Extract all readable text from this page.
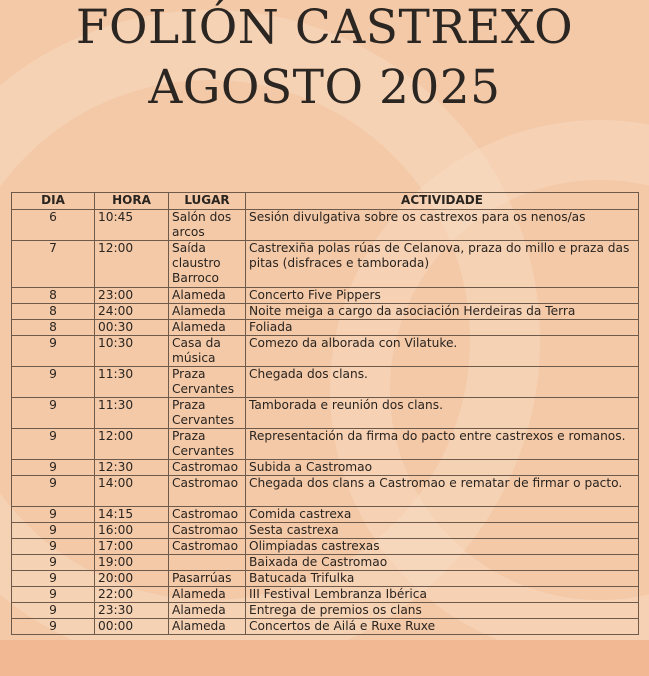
FOLIÓN CASTREXO
AGOSTO 2025
DIA	HORA	LUGAR	ACTIVIDADE
6	10:45	Salón dos arcos	Sesión divulgativa sobre os castrexos para os nenos/as
7	12:00	Saída claustro Barroco	Castrexiña polas rúas de Celanova, praza do millo e praza das pitas (disfraces e tamborada)
8	23:00	Alameda	Concerto Five Pippers
8	24:00	Alameda	Noite meiga a cargo da asociación Herdeiras da Terra
8	00:30	Alameda	Foliada
9	10:30	Casa da música	Comezo da alborada con Vilatuke.
9	11:30	Praza Cervantes	Chegada dos clans.
9	11:30	Praza Cervantes	Tamborada e reunión dos clans.
9	12:00	Praza Cervantes	Representación da firma do pacto entre castrexos e romanos.
9	12:30	Castromao	Subida a Castromao
9	14:00	Castromao	Chegada dos clans a Castromao e rematar de firmar o pacto.
9	14:15	Castromao	Comida castrexa
9	16:00	Castromao	Sesta castrexa
9	17:00	Castromao	Olimpiadas castrexas
9	19:00		Baixada de Castromao
9	20:00	Pasarrúas	Batucada Trifulka
9	22:00	Alameda	III Festival Lembranza Ibérica
9	23:30	Alameda	Entrega de premios os clans
9	00:00	Alameda	Concertos de Ailá e Ruxe Ruxe
